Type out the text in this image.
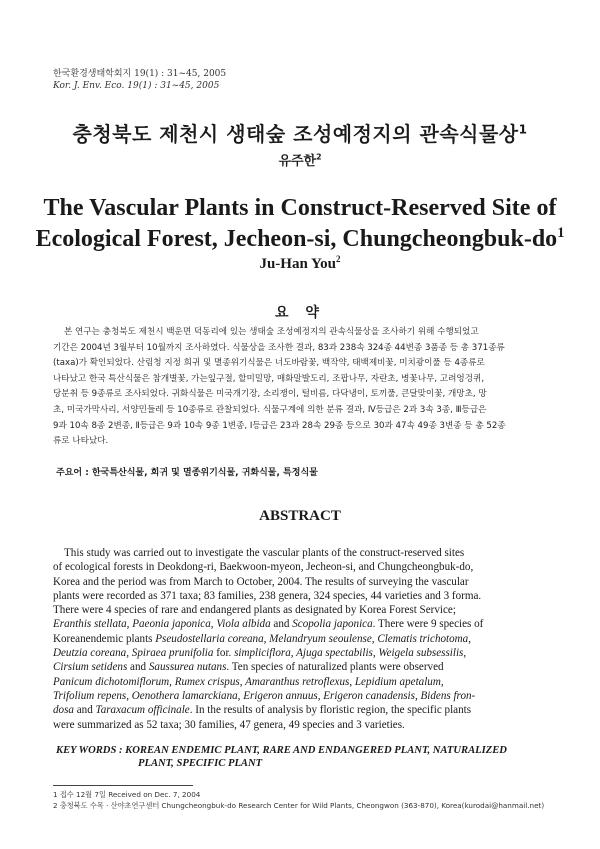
한국환경생태학회지 19(1) : 31~45, 2005
Kor. J. Env. Eco. 19(1) : 31~45, 2005
충청북도 제천시 생태숲 조성예정지의 관속식물상$^1$
유주한$^2$
The Vascular Plants in Construct-Reserved Site of
Ecological Forest, Jecheon-si, Chungcheongbuk-$do^1$
Ju-Han You$^2$
요 약
본 연구는 충청북도 제천시 백운면 덕동리에 있는 생태숲 조성예정지의 관속식물상을 조사하기 위해 수행되었고
기간은 2004년 3월부터 10월까지 조사하였다. 식물상을 조사한 결과, 83과 238속 324종 44변종 3품종 등 총 371종류
(taxa)가 확인되었다. 산림청 지정 희귀 및 멸종위기식물은 너도바람꽃, 백작약, 태백제비꽃, 미치광이풀 등 4종류로
나타났고 한국 특산식물은 참개별꽃, 가는잎구절, 할미밀망, 매화말발도리, 조팝나무, 자란초, 병꽃나무, 고려엉겅퀴,
당분취 등 9종류로 조사되었다. 귀화식물은 미국개기장, 소리쟁이, 털비름, 다닥냉이, 토끼풀, 큰달맞이꽃, 개망초, 망
초, 미국가막사리, 서양민들레 등 10종류로 관찰되었다. 식물구계에 의한 분류 결과, Ⅳ등급은 2과 3속 3종, Ⅲ등급은
9과 10속 8종 2변종, Ⅱ등급은 9과 10속 9종 1변종, Ⅰ등급은 23과 28속 29종 등으로 30과 47속 49종 3변종 등 총 52종
류로 나타났다.
주요어 : 한국특산식물, 희귀 및 멸종위기식물, 귀화식물, 특정식물
ABSTRACT
This study was carried out to investigate the vascular plants of the construct-reserved sites
of ecological forests in Deokdong-ri, Baekwoon-myeon, Jecheon-si, and Chungcheongbuk-do,
Korea and the period was from March to October, 2004. The results of surveying the vascular
plants were recorded as 371 taxa; 83 families, 238 genera, 324 species, 44 varieties and 3 forma.
There were 4 species of rare and endangered plants as designated by Korea Forest Service;
Eranthis stellata, Paeonia japonica, Viola albida and Scopolia japonica. There were 9 species of
Koreanendemic plants Pseudostellaria coreana, Melandryum seoulense, Clematis trichotoma,
Deutzia coreana, Spiraea prunifolia for. simpliciflora, Ajuga spectabilis, Weigela subsessilis,
Cirsium setidens and Saussurea nutans. Ten species of naturalized plants were observed
Panicum dichotomiflorum, Rumex crispus, Amaranthus retroflexus, Lepidium apetalum,
Trifolium repens, Oenothera lamarckiana, Erigeron annuus, Erigeron canadensis, Bidens fron-
dosa and Taraxacum officinale. In the results of analysis by floristic region, the specific plants
were summarized as 52 taxa; 30 families, 47 genera, 49 species and 3 varieties.
KEY WORDS : KOREAN ENDEMIC PLANT, RARE AND ENDANGERED PLANT, NATURALIZED
PLANT, SPECIFIC PLANT
1 접수 12월 7일 Received on Dec. 7, 2004
2 충청북도 수목 · 산야초연구센터 Chungcheongbuk-do Research Center for Wild Plants, Cheongwon (363-870), Korea(kurodai@hanmail.net)
